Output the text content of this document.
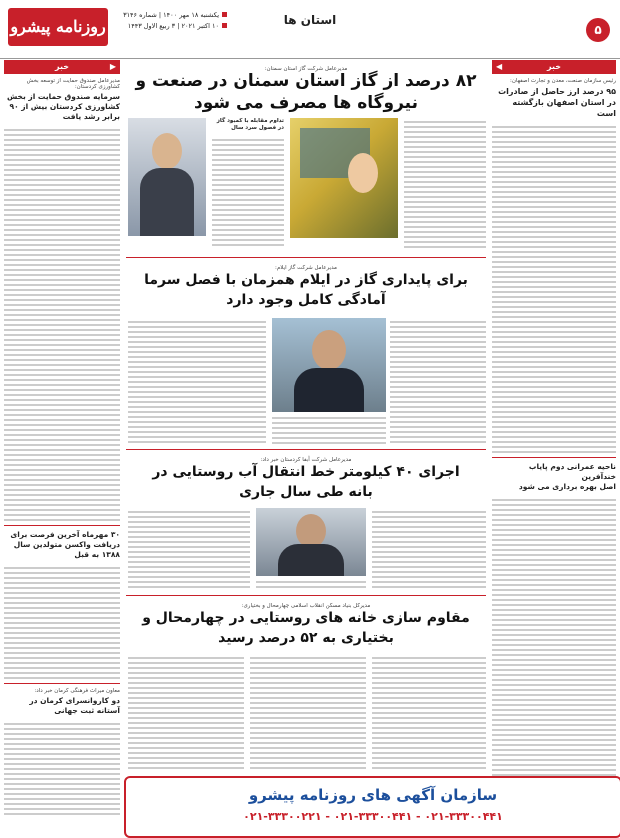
روزنامه پیشرو
یکشنبه ۱۸ مهر ۱۴۰۰ | شماره ۳۱۴۶
۱۰ اکتبر ۲۰۲۱ | ۳ ربیع الاول ۱۴۴۳	استان ها
۵
◀	خبر
رئیس سازمان صنعت، معدن و تجارت اصفهان:
۹۵ درصد ارز حاصل از صادرات در استان اصفهان بازگشته است
ناحیه عمرانی دوم پایاب خندآفرین
اصل بهره برداری می شود
خبر	▶
مدیرعامل صندوق حمایت از توسعه بخش کشاورزی کردستان:
سرمایه صندوق حمایت از بخش کشاورزی کردستان بیش از ۹۰ برابر رشد یافت
۳۰ مهرماه آخرین فرصت برای دریافت واکسن متولدین سال ۱۳۸۸ به قبل
معاون میراث فرهنگی کرمان خبر داد:
دو کاروانسرای کرمان در آستانه ثبت جهانی
مدیرعامل شرکت گاز استان سمنان:
۸۲ درصد از گاز استان سمنان در صنعت و نیروگاه ها مصرف می شود
تداوم مقابله با کمبود گاز در فصول سرد سال
مدیرعامل شرکت گاز ایلام:
برای پایداری گاز در ایلام همزمان با فصل سرما آمادگی کامل وجود دارد
مدیرعامل شرکت آبفا کردستان خبر داد:
اجرای ۴۰ کیلومتر خط انتقال آب روستایی در بانه طی سال جاری
مدیرکل بنیاد مسکن انقلاب اسلامی چهارمحال و بختیاری:
مقاوم سازی خانه های روستایی در چهارمحال و بختیاری به ۵۲ درصد رسید
سازمان آگهی های روزنامه پیشرو
۰۲۱-۳۳۳۰۰۲۲۱ - ۰۲۱-۳۳۳۰۰۴۴۱ - ۰۲۱-۳۳۳۰۰۴۴۱
